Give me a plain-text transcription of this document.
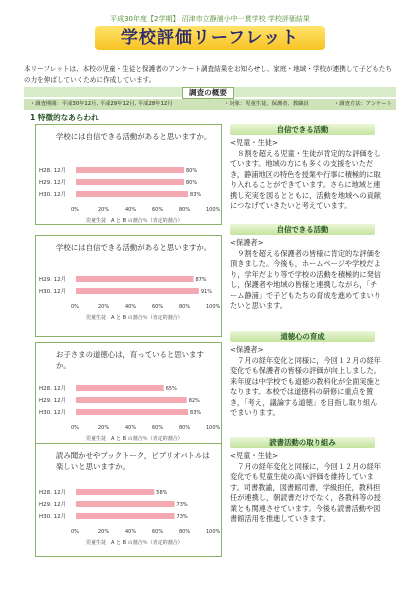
平成30年度【2学期】 沼津市立静浦小中一貫学校 学校評価結果
学校評価リーフレット
本リーフレットは、本校の児童・生徒と保護者のアンケート調査結果をお知らせし、家庭・地域・学校が連携して子どもたちの力を伸ばしていくために作成しています。
調査の概要
・調査期間：平成30年12月, 平成29年12月, 平成28年12月	・対象：児童生徒、保護者、教職員	・調査方法：アンケート
1 特徴的なあらわれ
学校には自信できる活動があると思いますか。
H28. 12月	80%
H29. 12月	80%
H30. 12月	83%
0%	20%	40%	60%	80%	100%
児童生徒　A と B の割合％（肯定的割合）
学校には自信できる活動があると思いますか。
H29. 12月	87%
H30. 12月	91%
0%	20%	40%	60%	80%	100%
児童生徒　A と B の割合％（肯定的割合）
お子さまの道徳心は，育っていると思いますか。
H28. 12月	65%
H29. 12月	82%
H30. 12月	83%
0%	20%	40%	60%	80%	100%
児童生徒　A と B の割合％（肯定的割合）
読み聞かせやブックトーク，ビブリオバトルは楽しいと思いますか。
H28. 12月	58%
H29. 12月	73%
H30. 12月	73%
0%	20%	40%	60%	80%	100%
児童生徒　A と B の割合％（肯定的割合）
自信できる活動
<児童・生徒>
８割を超える児童・生徒が肯定的な評価をしています。地域の方にも多くの支援をいただき，静浦地区の特色を授業や行事に積極的に取り入れることができています。さらに地域と連携し充実を図るとともに，活動を地域への貢献につなげていきたいと考えています。
自信できる活動
<保護者>
９割を超える保護者の皆様に肯定的な評価を頂きました。今後も，ホームページや学校だより，学年だより等で学校の活動を積極的に発信し，保護者や地域の皆様と連携しながら，「チーム静浦」で子どもたちの育成を進めてまいりたいと思います。
道徳心の育成
<保護者>
７月の経年変化と同様に，今回１２月の経年変化でも保護者の皆様の評価が向上しました。来年度は中学校でも道徳の教科化が全面実施となります。本校では道徳科の研修に重点を置き，「考え，議論する道徳」を目指し取り組んでまいります。
読書活動の取り組み
<児童・生徒>
７月の経年変化と同様に，今回１２月の経年変化でも児童生徒の高い評価を維持しています。司書教諭，図書館司書，学級担任，教科担任が連携し，朝読書だけでなく，各教科等の授業とも関連させています。今後も読書活動や図書館活用を推進していきます。
